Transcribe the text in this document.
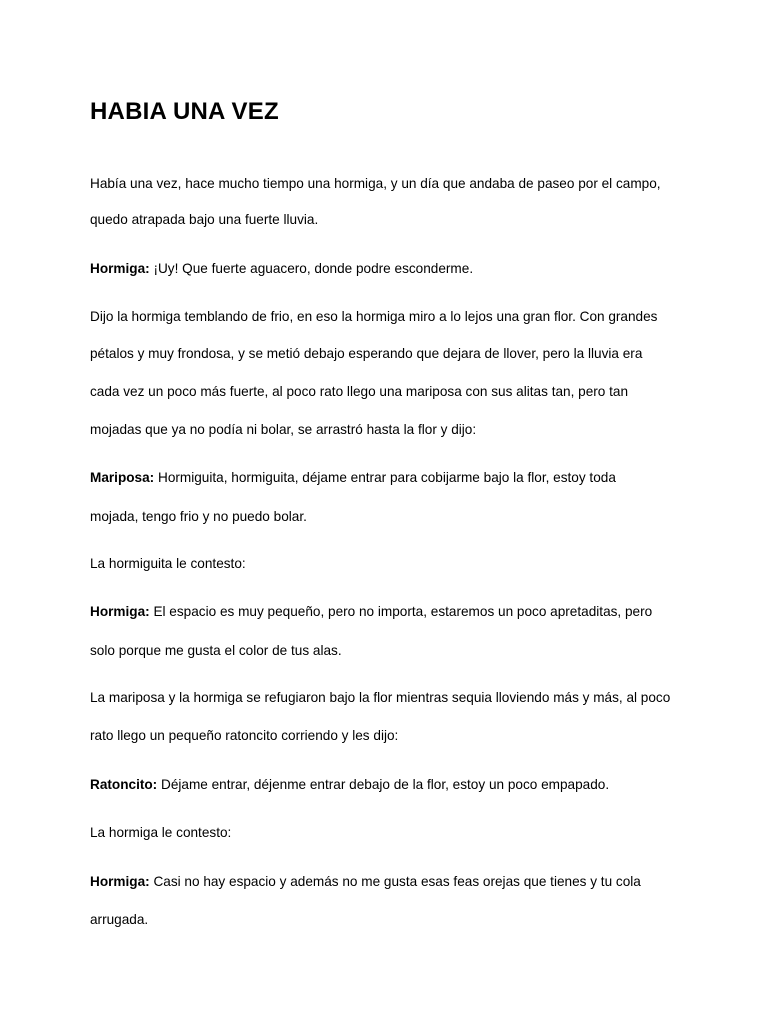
HABIA UNA VEZ
Había una vez, hace mucho tiempo una hormiga, y un día que andaba de paseo por el campo,
quedo atrapada bajo una fuerte lluvia.
Hormiga: ¡Uy! Que fuerte aguacero, donde podre esconderme.
Dijo la hormiga temblando de frio, en eso la hormiga miro a lo lejos una gran flor. Con grandes
pétalos y muy frondosa, y se metió debajo esperando que dejara de llover, pero la lluvia era
cada vez un poco más fuerte, al poco rato llego una mariposa con sus alitas tan, pero tan
mojadas que ya no podía ni bolar, se arrastró hasta la flor y dijo:
Mariposa: Hormiguita, hormiguita, déjame entrar para cobijarme bajo la flor, estoy toda
mojada, tengo frio y no puedo bolar.
La hormiguita le contesto:
Hormiga: El espacio es muy pequeño, pero no importa, estaremos un poco apretaditas, pero
solo porque me gusta el color de tus alas.
La mariposa y la hormiga se refugiaron bajo la flor mientras sequia lloviendo más y más, al poco
rato llego un pequeño ratoncito corriendo y les dijo:
Ratoncito: Déjame entrar, déjenme entrar debajo de la flor, estoy un poco empapado.
La hormiga le contesto:
Hormiga: Casi no hay espacio y además no me gusta esas feas orejas que tienes y tu cola
arrugada.
